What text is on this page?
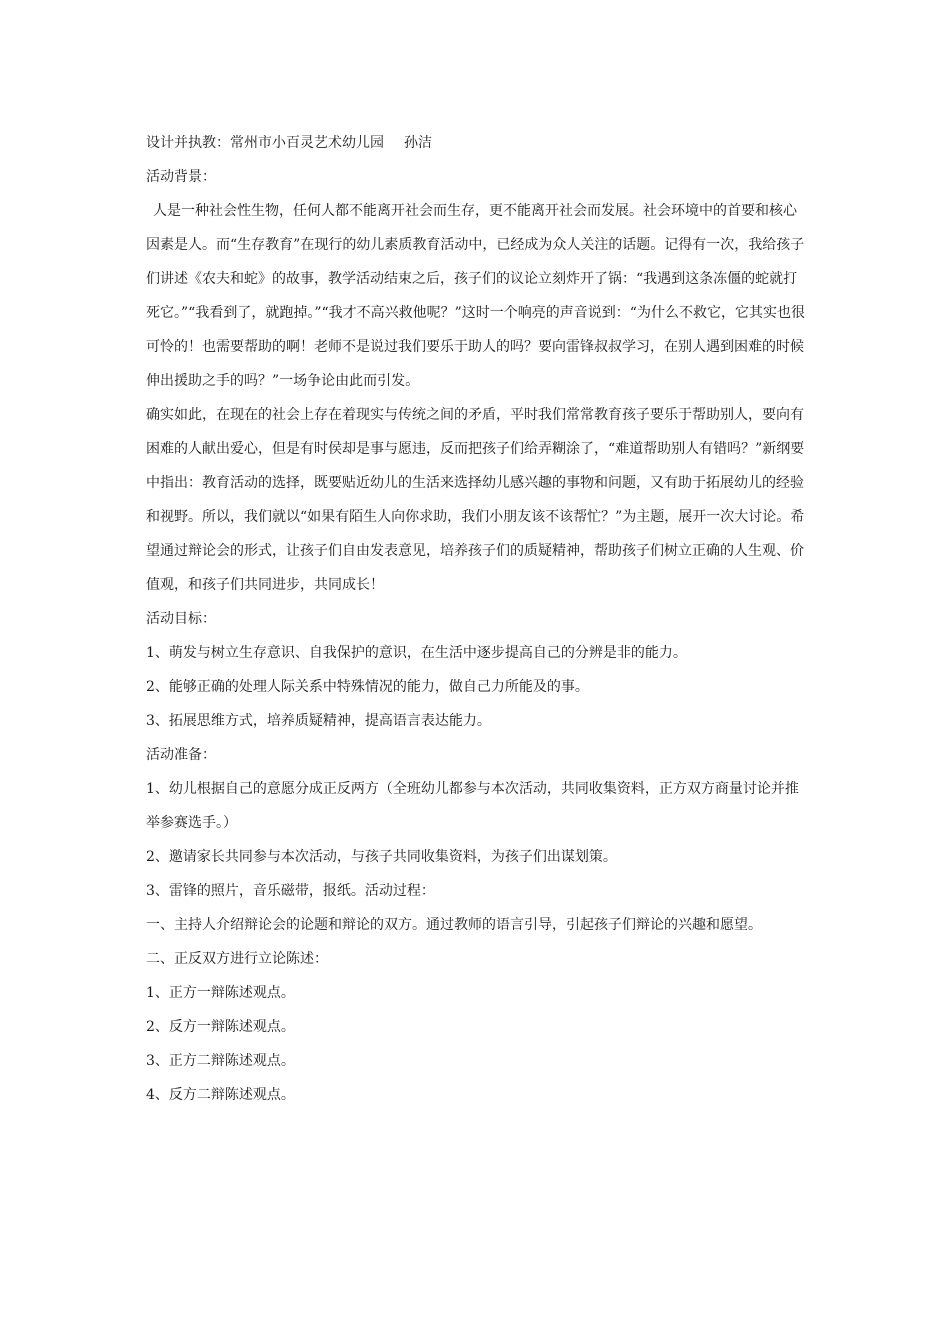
设计并执教：常州市小百灵艺术幼儿园 孙洁

活动背景：

人是一种社会性生物，任何人都不能离开社会而生存，更不能离开社会而发展。社会环境中的首要和核心因素是人。而“生存教育”在现行的幼儿素质教育活动中，已经成为众人关注的话题。记得有一次，我给孩子们讲述《农夫和蛇》的故事，教学活动结束之后，孩子们的议论立刻炸开了锅：“我遇到这条冻僵的蛇就打死它。”“我看到了，就跑掉。”“我才不高兴救他呢？”这时一个响亮的声音说到：“为什么不救它，它其实也很可怜的！也需要帮助的啊！老师不是说过我们要乐于助人的吗？要向雷锋叔叔学习，在别人遇到困难的时候伸出援助之手的吗？”一场争论由此而引发。

确实如此，在现在的社会上存在着现实与传统之间的矛盾，平时我们常常教育孩子要乐于帮助别人，要向有困难的人献出爱心，但是有时侯却是事与愿违，反而把孩子们给弄糊涂了，“难道帮助别人有错吗？”新纲要中指出：教育活动的选择，既要贴近幼儿的生活来选择幼儿感兴趣的事物和问题，又有助于拓展幼儿的经验和视野。所以，我们就以“如果有陌生人向你求助，我们小朋友该不该帮忙？”为主题，展开一次大讨论。希望通过辩论会的形式，让孩子们自由发表意见，培养孩子们的质疑精神，帮助孩子们树立正确的人生观、价值观，和孩子们共同进步，共同成长！

活动目标：

1、萌发与树立生存意识、自我保护的意识，在生活中逐步提高自己的分辨是非的能力。

2、能够正确的处理人际关系中特殊情况的能力，做自己力所能及的事。

3、拓展思维方式，培养质疑精神，提高语言表达能力。

活动准备：

1、幼儿根据自己的意愿分成正反两方（全班幼儿都参与本次活动，共同收集资料，正方双方商量讨论并推举参赛选手。）

2、邀请家长共同参与本次活动，与孩子共同收集资料，为孩子们出谋划策。

3、雷锋的照片，音乐磁带，报纸。活动过程：

一、主持人介绍辩论会的论题和辩论的双方。通过教师的语言引导，引起孩子们辩论的兴趣和愿望。

二、正反双方进行立论陈述：

1、正方一辩陈述观点。

2、反方一辩陈述观点。

3、正方二辩陈述观点。

4、反方二辩陈述观点。
